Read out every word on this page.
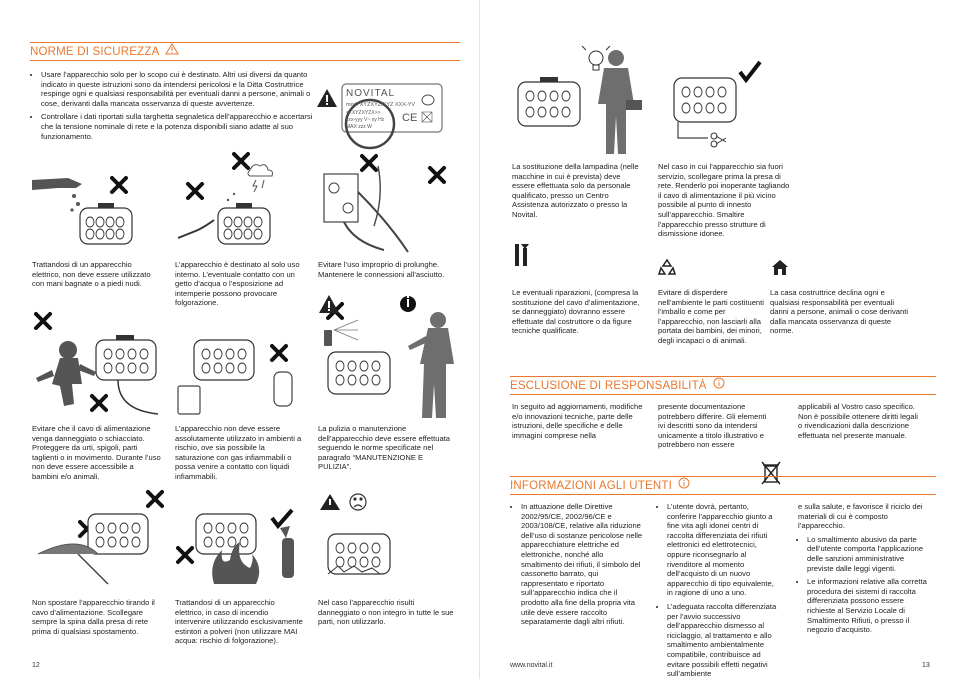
NORME DI SICUREZZA
• Usare l’apparecchio solo per lo scopo cui è destinato. Altri usi diversi da quanto indicato in queste istruzioni sono da intendersi pericolosi e la Ditta Costruttrice respinge ogni e qualsiasi responsabilità per eventuali danni a persone, animali o cose, derivanti dalla mancata osservanza di queste avvertenze.
• Controllare i dati riportati sulla targhetta segnaletica dell’apparecchio e accertarsi che la tensione nominale di rete e la potenza disponibili siano adatte al suo funzionamento.
NOVITAL
mod. XYZXYZ/XYZ XXX-YV
<<XYZXYZX>>
xxx-yyy V~ xy Hz
MAX zzz W
CE
Trattandosi di un apparecchio elettrico, non deve essere utilizzato con mani bagnate o a piedi nudi.
L’apparecchio è destinato al solo uso interno. L’eventuale contatto con un getto d’acqua o l’esposizione ad intemperie possono provocare folgorazione.
Evitare l’uso improprio di prolunghe. Mantenere le connessioni all’asciutto.
Evitare che il cavo di alimentazione venga danneggiato o schiacciato. Proteggere da urti, spigoli, parti taglienti o in movimento. Durante l’uso non deve essere accessibile a bambini e/o animali.
L’apparecchio non deve essere assolutamente utilizzato in ambienti a rischio, ove sia possibile la saturazione con gas infiammabili o possa venire a contatto con liquidi infiammabili.
La pulizia o manutenzione dell’apparecchio deve essere effettuata seguendo le norme specificate nel paragrafo “MANUTENZIONE E PULIZIA”.
Non spostare l’apparecchio tirando il cavo d’alimentazione. Scollegare sempre la spina dalla presa di rete prima di qualsiasi spostamento.
Trattandosi di un apparecchio elettrico, in caso di incendio intervenire utilizzando esclusivamente estintori a polveri (non utilizzare MAI acqua: rischio di folgorazione).
Nel caso l’apparecchio risulti danneggiato o non integro in tutte le sue parti, non utilizzarlo.
12
La sostituzione della lampadina (nelle macchine in cui è prevista) deve essere effettuata solo da personale qualificato, presso un Centro Assistenza autorizzato o presso la Novital.
Nel caso in cui l’apparecchio sia fuori servizio, scollegare prima la presa di rete. Renderlo poi inoperante tagliando il cavo di alimentazione il più vicino possibile al punto di innesto sull’apparecchio. Smaltire l’apparecchio presso strutture di dismissione idonee.
Le eventuali riparazioni, (compresa la sostituzione del cavo d’alimentazione, se danneggiato) dovranno essere effettuate dal costruttore o da figure tecniche qualificate.
Evitare di disperdere nell’ambiente le parti costituenti l’imballo e come per l’apparecchio, non lasciarli alla portata dei bambini, dei minori, degli incapaci o di animali.
La casa costruttrice declina ogni e qualsiasi responsabilità per eventuali danni a persone, animali o cose derivanti dalla mancata osservanza di queste norme.
ESCLUSIONE DI RESPONSABILITÀ
In seguito ad aggiornamenti, modifiche e/o innovazioni tecniche, parte delle istruzioni, delle specifiche e delle immagini comprese nella
presente documentazione potrebbero differire. Gli elementi ivi descritti sono da intendersi unicamente a titolo illustrativo e potrebbero non essere
applicabili al Vostro caso specifico. Non è possibile ottenere diritti legali o rivendicazioni dalla descrizione effettuata nel presente manuale.
INFORMAZIONI AGLI UTENTI
• In attuazione delle Direttive 2002/95/CE, 2002/96/CE e 2003/108/CE, relative alla riduzione dell’uso di sostanze pericolose nelle apparecchiature elettriche ed elettroniche, nonché allo smaltimento dei rifiuti, il simbolo del cassonetto barrato, qui rappresentato e riportato sull’apparecchio indica che il prodotto alla fine della propria vita utile deve essere raccolto separatamente dagli altri rifiuti.
• L’utente dovrà, pertanto, conferire l’apparecchio giunto a fine vita agli idonei centri di raccolta differenziata dei rifiuti elettronici ed elettrotecnici, oppure riconsegnarlo al rivenditore al momento dell’acquisto di un nuovo apparecchio di tipo equivalente, in ragione di uno a uno.
• L’adeguata raccolta differenziata per l’avvio successivo dell’apparecchio dismesso al riciclaggio, al trattamento e allo smaltimento ambientalmente compatibile, contribuisce ad evitare possibili effetti negativi sull’ambiente

e sulla salute, e favorisce il riciclo dei materiali di cui è composto l’apparecchio.

• Lo smaltimento abusivo da parte dell’utente comporta l’applicazione delle sanzioni amministrative previste dalle leggi vigenti.
• Le informazioni relative alla corretta procedura dei sistemi di raccolta differenziata possono essere richieste al Servizio Locale di Smaltimento Rifiuti, o presso il negozio d’acquisto.
www.novital.it	13
